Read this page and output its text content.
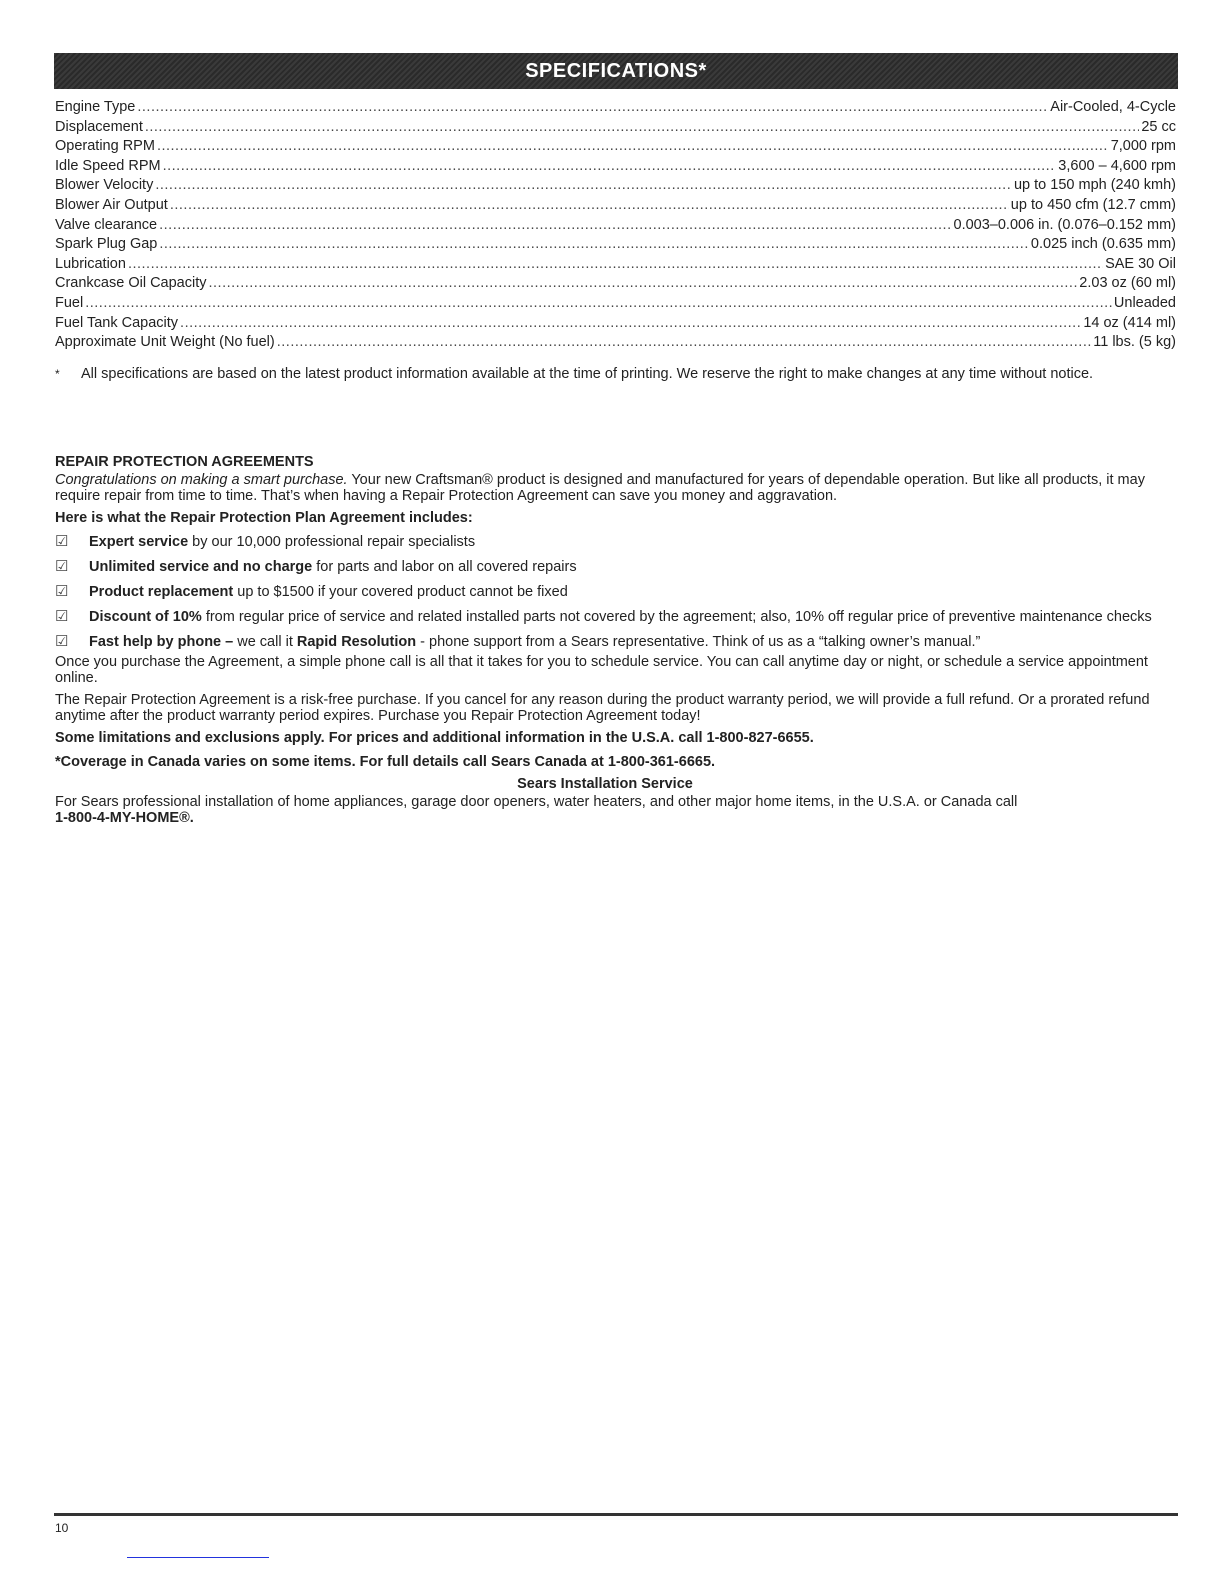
SPECIFICATIONS*
Engine Type .....	Air-Cooled, 4-Cycle
Displacement .....	25 cc
Operating RPM .....	7,000 rpm
Idle Speed RPM .....	3,600 – 4,600 rpm
Blower Velocity .....	up to 150 mph (240 kmh)
Blower Air Output .....	up to 450 cfm (12.7 cmm)
Valve clearance .....	0.003–0.006 in. (0.076–0.152 mm)
Spark Plug Gap .....	0.025 inch (0.635 mm)
Lubrication .....	SAE 30 Oil
Crankcase Oil Capacity .....	2.03 oz (60 ml)
Fuel .....	Unleaded
Fuel Tank Capacity .....	14 oz (414 ml)
Approximate Unit Weight (No fuel) .....	11 lbs. (5 kg)
*	All specifications are based on the latest product information available at the time of printing. We reserve the right to make changes at any time without notice.
REPAIR PROTECTION AGREEMENTS

Congratulations on making a smart purchase. Your new Craftsman® product is designed and manufactured for years of dependable operation. But like all products, it may require repair from time to time. That’s when having a Repair Protection Agreement can save you money and aggravation.

Here is what the Repair Protection Plan Agreement includes:
☑	Expert service by our 10,000 professional repair specialists
☑	Unlimited service and no charge for parts and labor on all covered repairs
☑	Product replacement up to $1500 if your covered product cannot be fixed
☑	Discount of 10% from regular price of service and related installed parts not covered by the agreement; also, 10% off regular price of preventive maintenance checks
☑	Fast help by phone – we call it Rapid Resolution - phone support from a Sears representative. Think of us as a “talking owner’s manual.”

Once you purchase the Agreement, a simple phone call is all that it takes for you to schedule service. You can call anytime day or night, or schedule a service appointment online.

The Repair Protection Agreement is a risk-free purchase. If you cancel for any reason during the product warranty period, we will provide a full refund. Or a prorated refund anytime after the product warranty period expires. Purchase you Repair Protection Agreement today!

Some limitations and exclusions apply. For prices and additional information in the U.S.A. call 1-800-827-6655.

*Coverage in Canada varies on some items. For full details call Sears Canada at 1-800-361-6665.

Sears Installation Service

For Sears professional installation of home appliances, garage door openers, water heaters, and other major home items, in the U.S.A. or Canada call
1-800-4-MY-HOME®.

10
